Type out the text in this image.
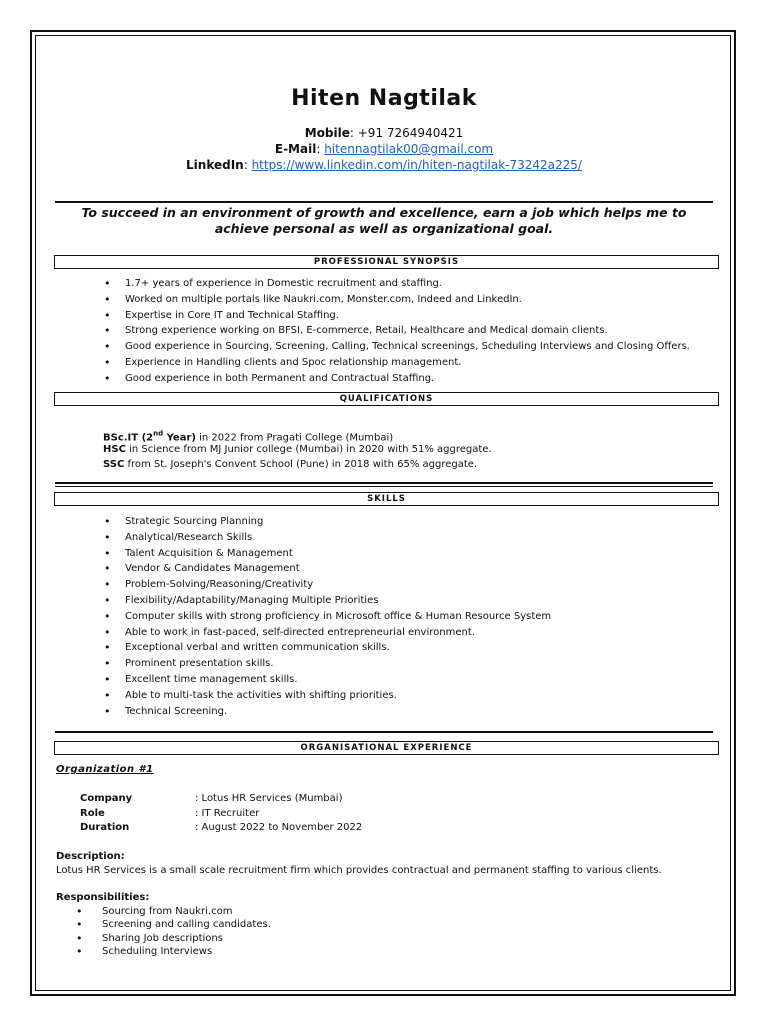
Hiten Nagtilak
Mobile: +91 7264940421
E-Mail: hitennagtilak00@gmail.com
LinkedIn: https://www.linkedin.com/in/hiten-nagtilak-73242a225/
To succeed in an environment of growth and excellence, earn a job which helps me to achieve personal as well as organizational goal.
PROFESSIONAL SYNOPSIS
• 1.7+ years of experience in Domestic recruitment and staffing.
• Worked on multiple portals like Naukri.com, Monster.com, Indeed and LinkedIn.
• Expertise in Core IT and Technical Staffing.
• Strong experience working on BFSI, E-commerce, Retail, Healthcare and Medical domain clients.
• Good experience in Sourcing, Screening, Calling, Technical screenings, Scheduling Interviews and Closing Offers.
• Experience in Handling clients and Spoc relationship management.
• Good experience in both Permanent and Contractual Staffing.
QUALIFICATIONS
BSc.IT (2nd Year) in 2022 from Pragati College (Mumbai)
HSC in Science from MJ Junior college (Mumbai) in 2020 with 51% aggregate.
SSC from St. Joseph's Convent School (Pune) in 2018 with 65% aggregate.
SKILLS
• Strategic Sourcing Planning
• Analytical/Research Skills
• Talent Acquisition & Management
• Vendor & Candidates Management
• Problem-Solving/Reasoning/Creativity
• Flexibility/Adaptability/Managing Multiple Priorities
• Computer skills with strong proficiency in Microsoft office & Human Resource System
• Able to work in fast-paced, self-directed entrepreneurial environment.
• Exceptional verbal and written communication skills.
• Prominent presentation skills.
• Excellent time management skills.
• Able to multi-task the activities with shifting priorities.
• Technical Screening.
ORGANISATIONAL EXPERIENCE
Organization #1
Company	: Lotus HR Services (Mumbai)
Role	: IT Recruiter
Duration	: August 2022 to November 2022
Description:
Lotus HR Services is a small scale recruitment firm which provides contractual and permanent staffing to various clients.
Responsibilities:
• Sourcing from Naukri.com
• Screening and calling candidates.
• Sharing Job descriptions
• Scheduling Interviews
